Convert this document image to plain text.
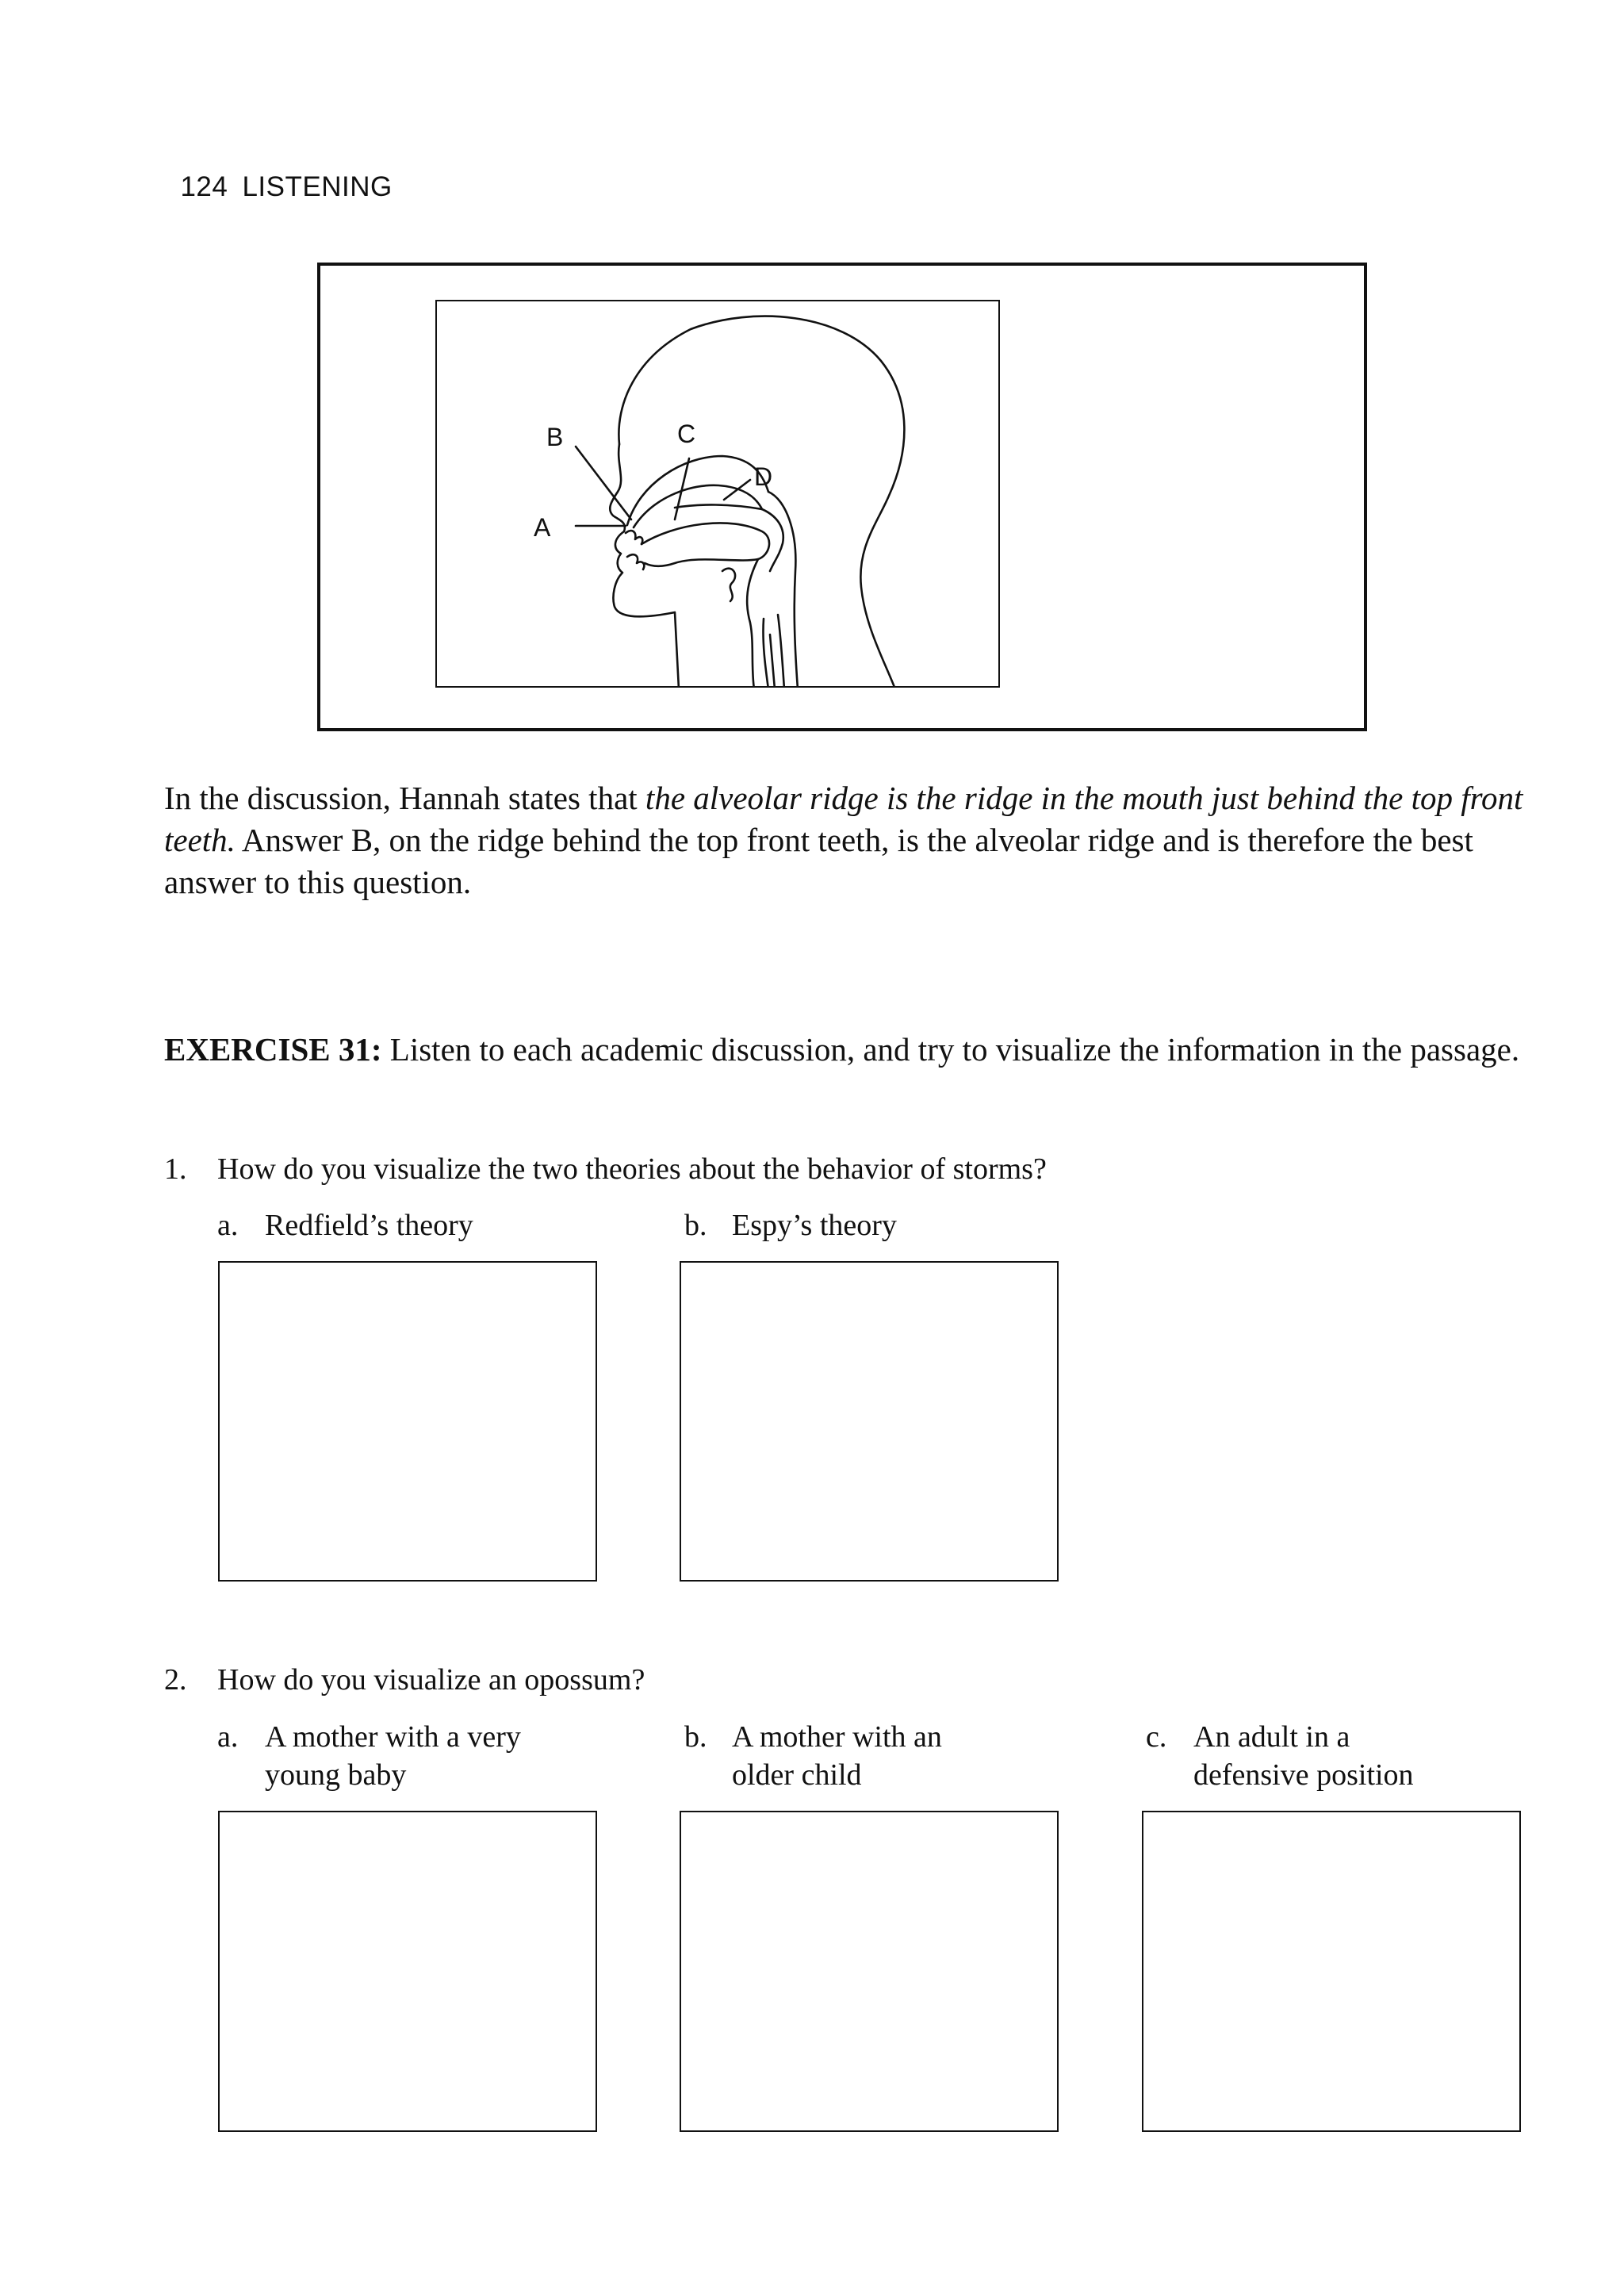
124 LISTENING

B	C
D
A
In the discussion, Hannah states that the alveolar ridge is the ridge in the mouth just behind the top front teeth. Answer B, on the ridge behind the top front teeth, is the alveolar ridge and is therefore the best answer to this question.
EXERCISE 31: Listen to each academic discussion, and try to visualize the information in the passage.
1. How do you visualize the two theories about the behavior of storms?
a. Redfield’s theory	b. Espy’s theory
2. How do you visualize an opossum?
a. A mother with a very
young baby
b. A mother with an
older child
c. An adult in a
defensive position
